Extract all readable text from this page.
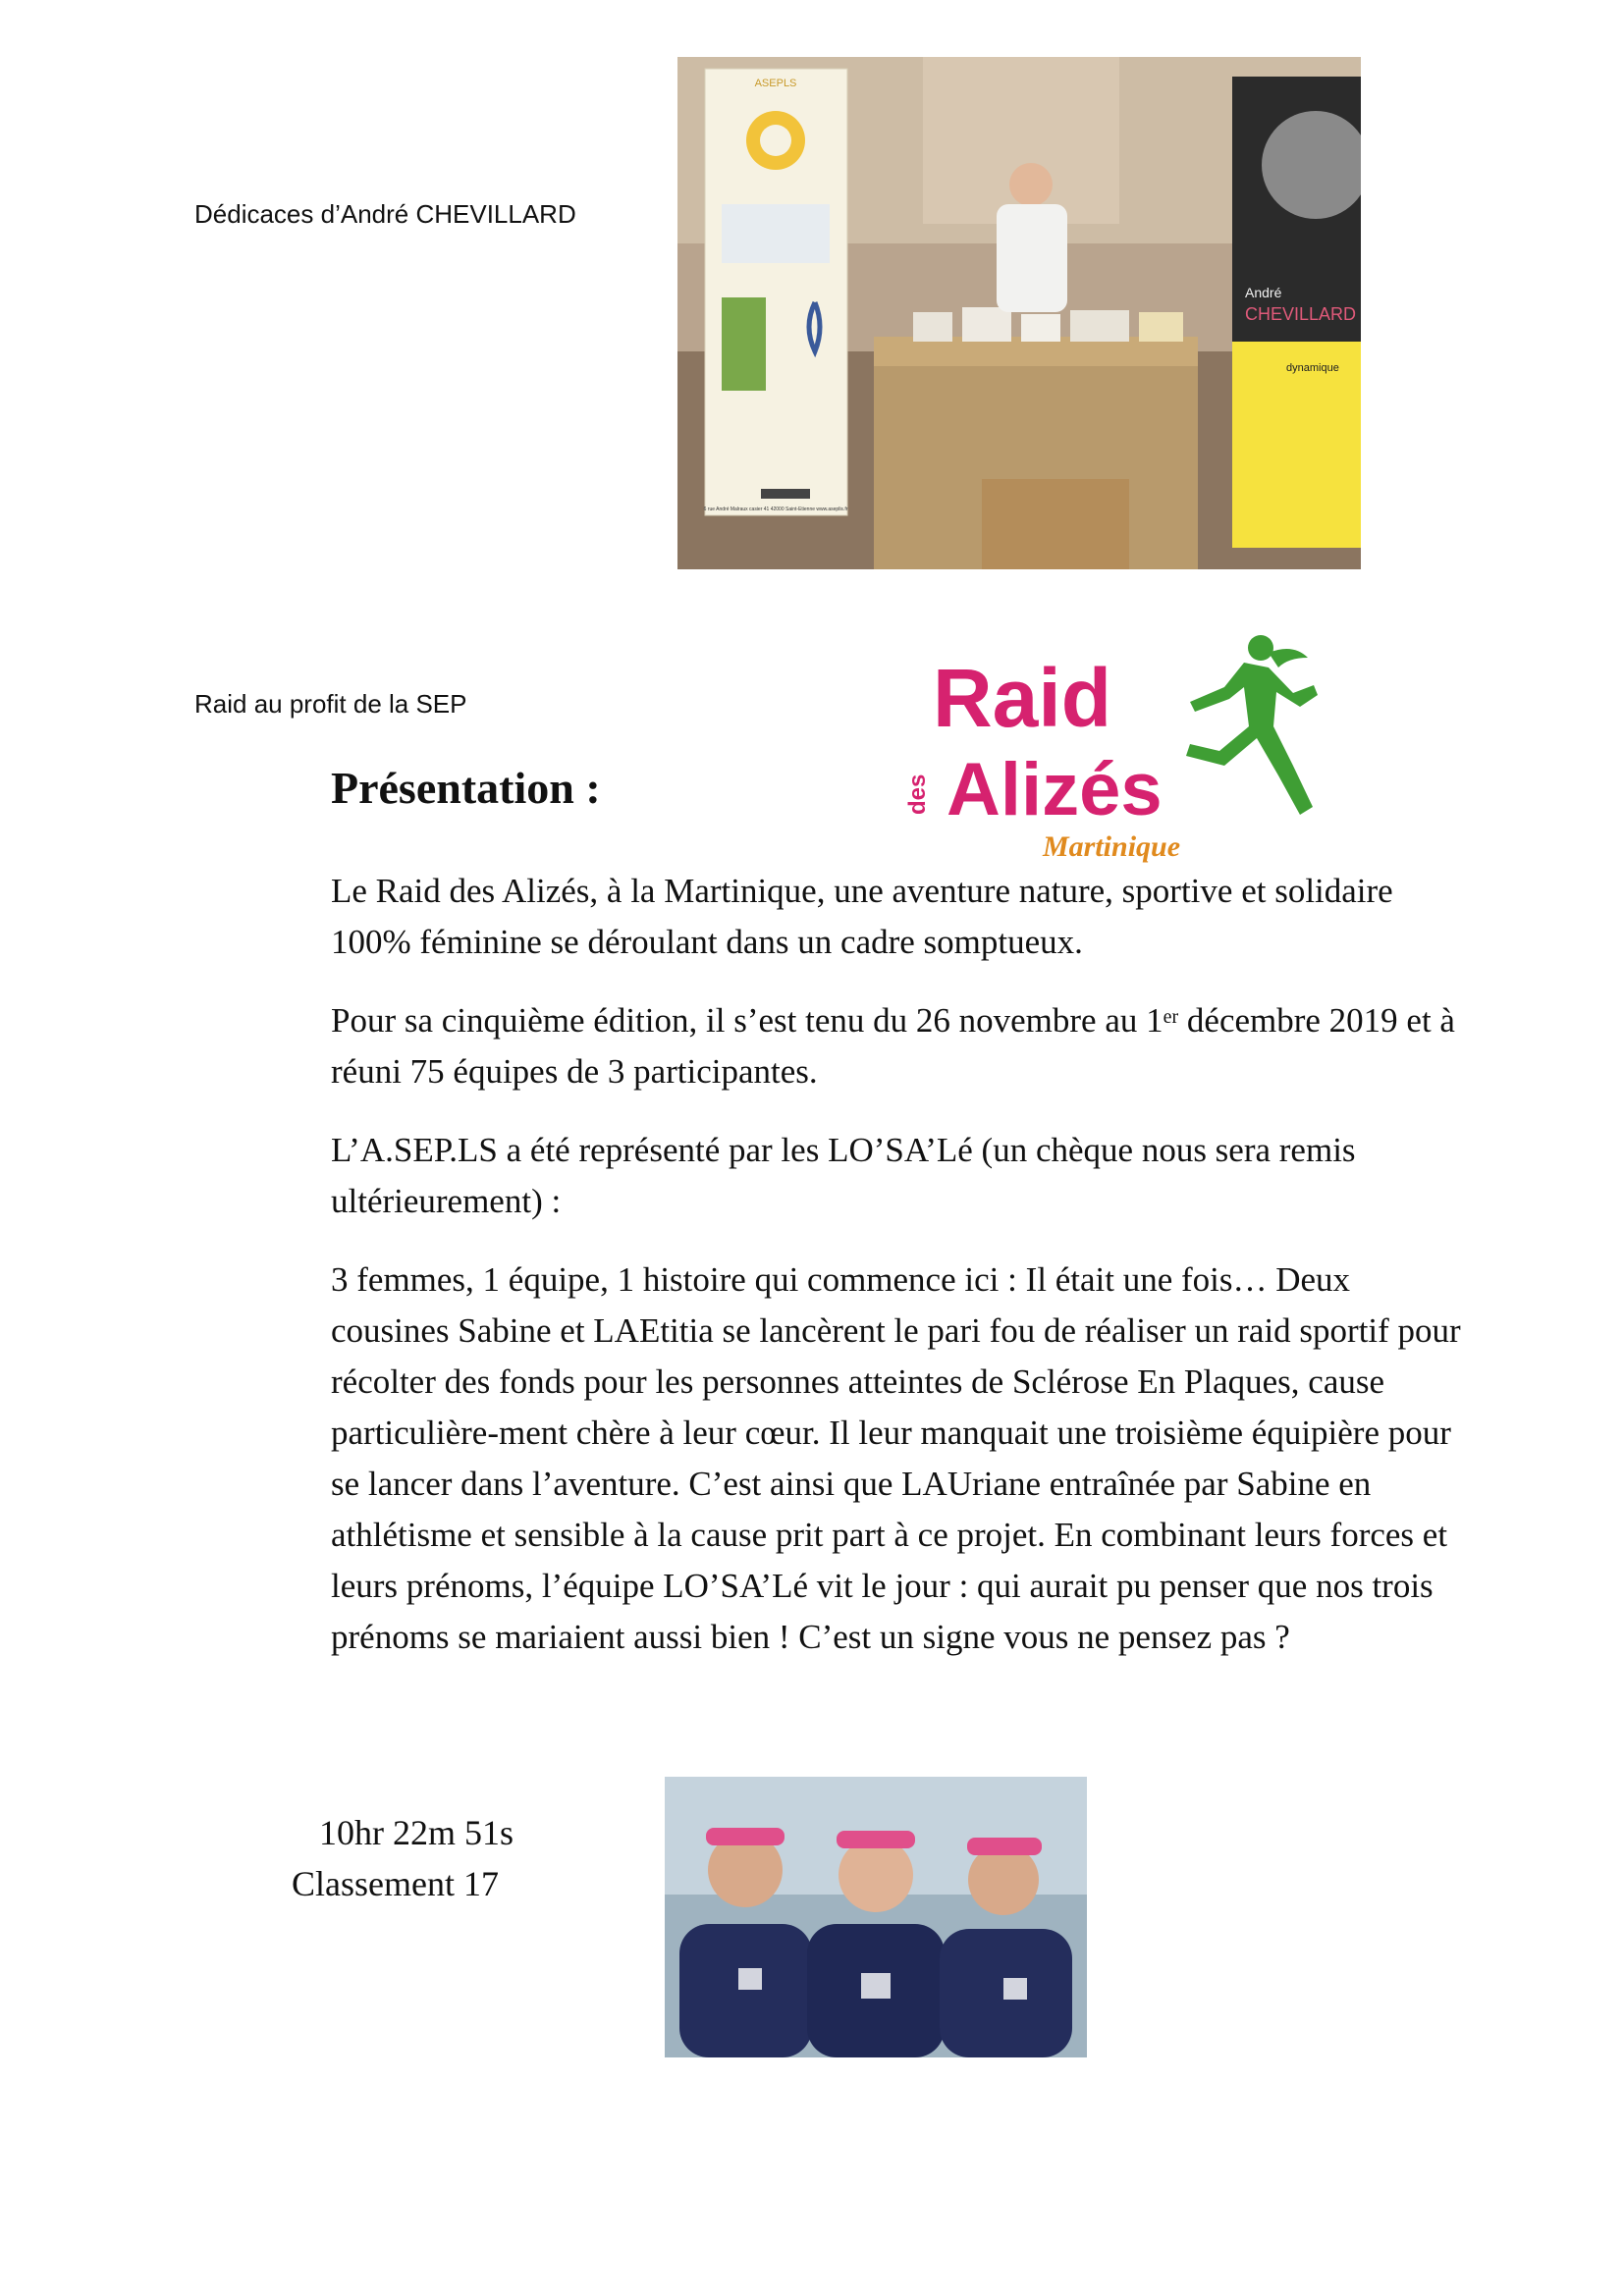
Dédicaces d’André CHEVILLARD
ASEPLS
6 rue André Malraux casier 41 42000 Saint-Etienne www.aseplis.fr
André
CHEVILLARD
dynamique
Raid au profit de la SEP	Raid
des Alizés
Martinique
Présentation :

Le Raid des Alizés, à la Martinique, une aventure nature, sportive et solidaire 100% féminine se déroulant dans un cadre somptueux.

Pour sa cinquième édition, il s’est tenu du 26 novembre au 1er décembre 2019 et à réuni 75 équipes de 3 participantes.

L’A.SEP.LS a été représenté par les LO’SA’Lé (un chèque nous sera remis ultérieurement) :

3 femmes, 1 équipe, 1 histoire qui commence ici : Il était une fois… Deux cousines Sabine et LAEtitia se lancèrent le pari fou de réaliser un raid sportif pour récolter des fonds pour les personnes atteintes de Sclérose En Plaques, cause particulière-ment chère à leur cœur. Il leur manquait une troisième équipière pour se lancer dans l’aventure. C’est ainsi que LAUriane entraînée par Sabine en athlétisme et sensible à la cause prit part à ce projet. En combinant leurs forces et leurs prénoms, l’équipe LO’SA’Lé vit le jour : qui aurait pu penser que nos trois prénoms se mariaient aussi bien ! C’est un signe vous ne pensez pas ?

10hr 22m 51s
Classement 17
